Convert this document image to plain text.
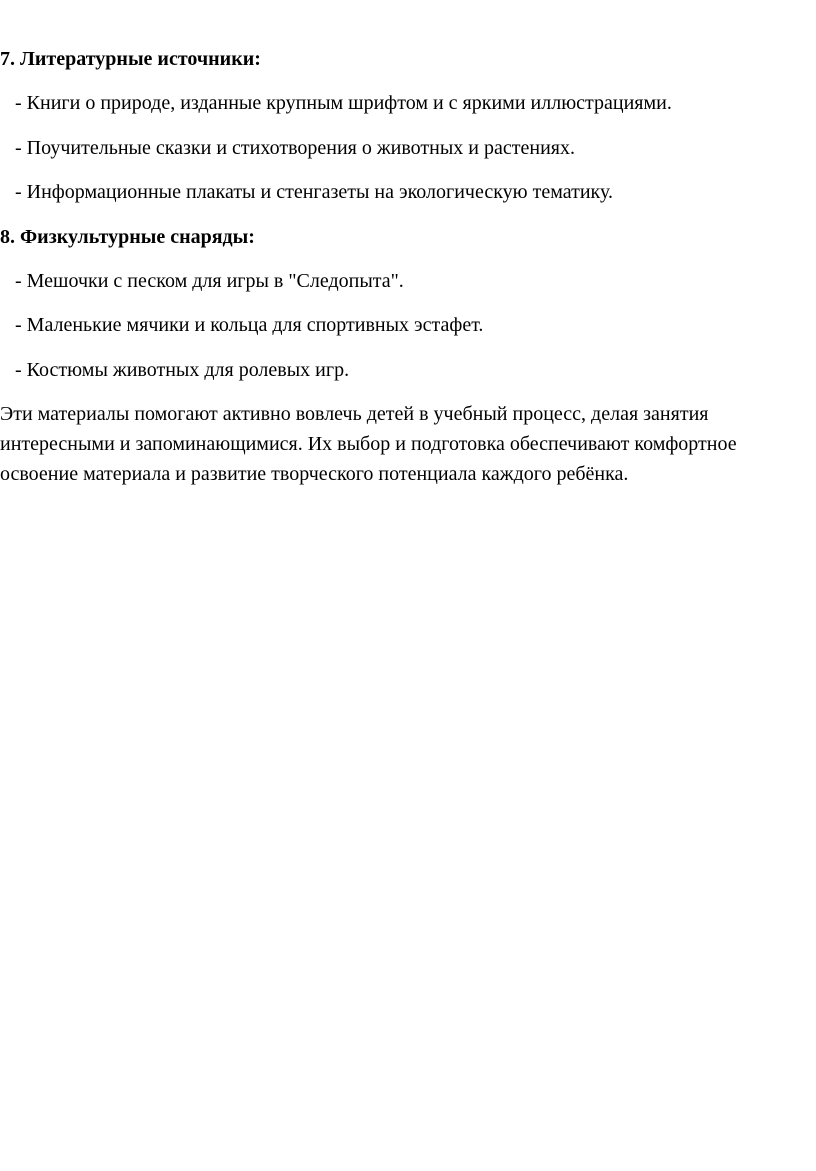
7. Литературные источники:
- Книги о природе, изданные крупным шрифтом и с яркими иллюстрациями.
- Поучительные сказки и стихотворения о животных и растениях.
- Информационные плакаты и стенгазеты на экологическую тематику.
8. Физкультурные снаряды:
- Мешочки с песком для игры в "Следопыта".
- Маленькие мячики и кольца для спортивных эстафет.
- Костюмы животных для ролевых игр.
Эти материалы помогают активно вовлечь детей в учебный процесс, делая занятия
интересными и запоминающимися. Их выбор и подготовка обеспечивают комфортное
освоение материала и развитие творческого потенциала каждого ребёнка.
